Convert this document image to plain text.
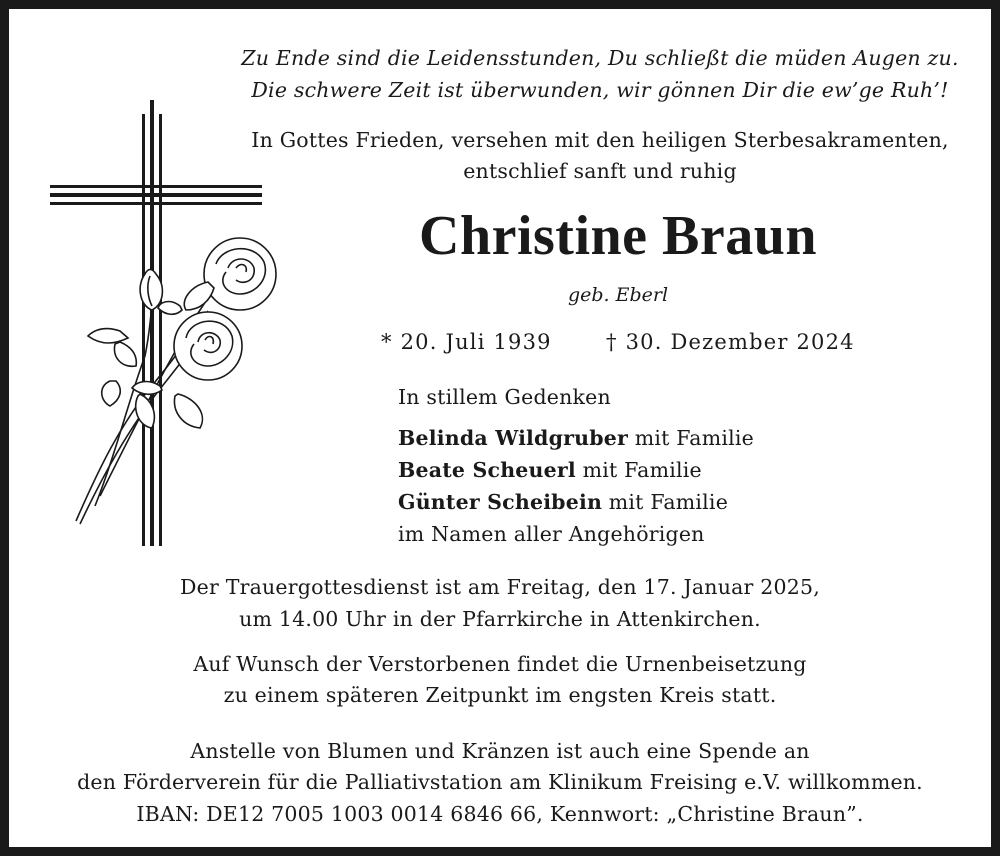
Zu Ende sind die Leidensstunden, Du schließt die müden Augen zu.
Die schwere Zeit ist überwunden, wir gönnen Dir die ew’ge Ruh’!
In Gottes Frieden, versehen mit den heiligen Sterbesakramenten,
entschlief sanft und ruhig
Christine Braun
geb. Eberl
* 20. Juli 1939	† 30. Dezember 2024
In stillem Gedenken
Belinda Wildgruber mit Familie
Beate Scheuerl mit Familie
Günter Scheibein mit Familie
im Namen aller Angehörigen
Der Trauergottesdienst ist am Freitag, den 17. Januar 2025,
um 14.00 Uhr in der Pfarrkirche in Attenkirchen.
Auf Wunsch der Verstorbenen findet die Urnenbeisetzung
zu einem späteren Zeitpunkt im engsten Kreis statt.
Anstelle von Blumen und Kränzen ist auch eine Spende an
den Förderverein für die Palliativstation am Klinikum Freising e.V. willkommen.
IBAN: DE12 7005 1003 0014 6846 66, Kennwort: „Christine Braun”.
